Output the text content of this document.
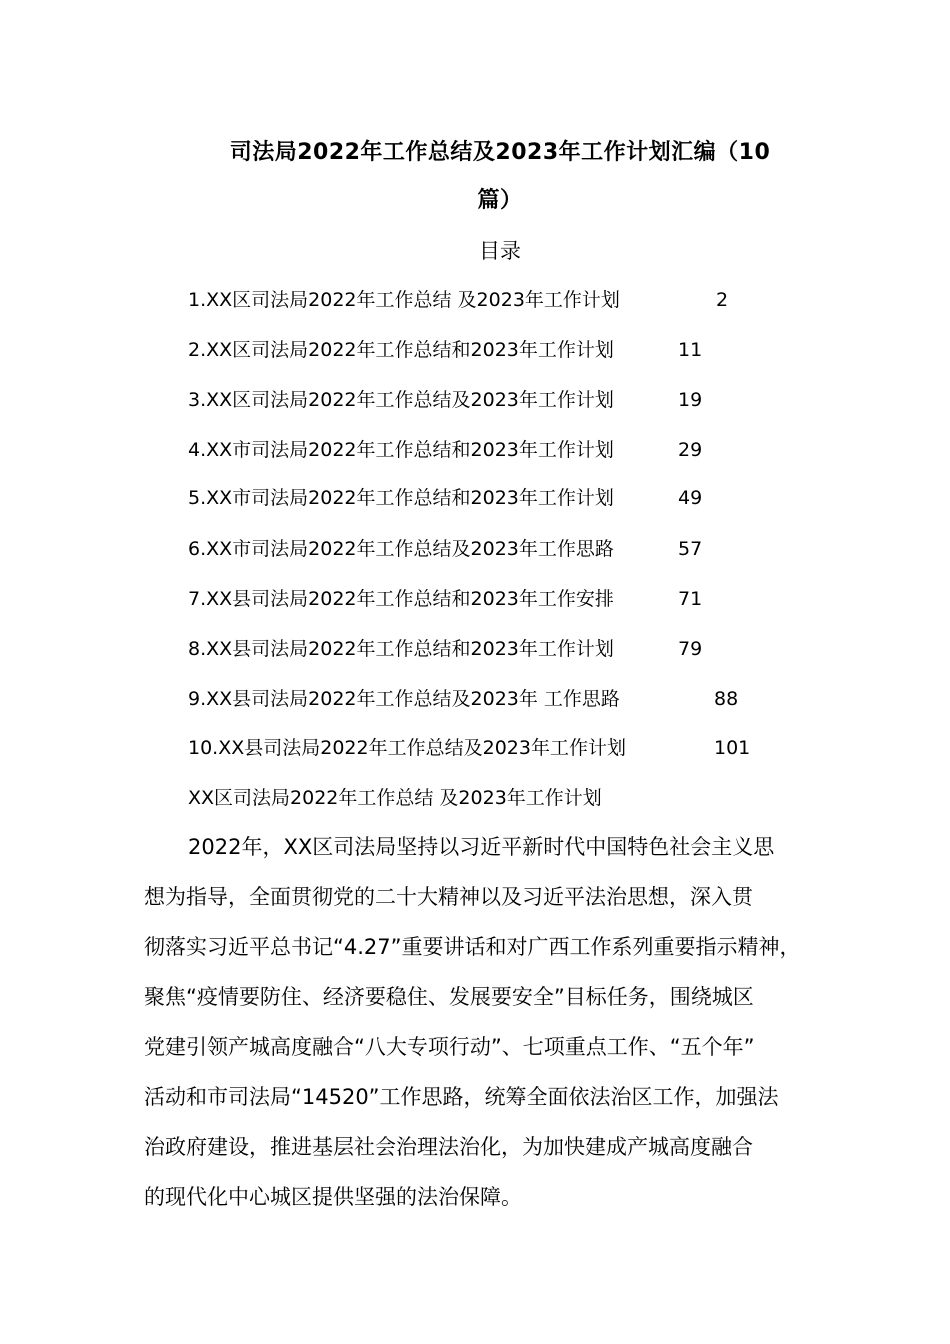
司法局2022年工作总结及2023年工作计划汇编（10
篇）
目录
1.XX区司法局2022年工作总结 及2023年工作计划	2
2.XX区司法局2022年工作总结和2023年工作计划	11
3.XX区司法局2022年工作总结及2023年工作计划	19
4.XX市司法局2022年工作总结和2023年工作计划	29
5.XX市司法局2022年工作总结和2023年工作计划	49
6.XX市司法局2022年工作总结及2023年工作思路	57
7.XX县司法局2022年工作总结和2023年工作安排	71
8.XX县司法局2022年工作总结和2023年工作计划	79
9.XX县司法局2022年工作总结及2023年 工作思路	88
10.XX县司法局2022年工作总结及2023年工作计划	101
XX区司法局2022年工作总结 及2023年工作计划
2022年，XX区司法局坚持以习近平新时代中国特色社会主义思
想为指导，全面贯彻党的二十大精神以及习近平法治思想，深入贯
彻落实习近平总书记“4.27”重要讲话和对广西工作系列重要指示精神，
聚焦“疫情要防住、经济要稳住、发展要安全”目标任务，围绕城区
党建引领产城高度融合“八大专项行动”、七项重点工作、“五个年”
活动和市司法局“14520”工作思路，统筹全面依法治区工作，加强法
治政府建设，推进基层社会治理法治化，为加快建成产城高度融合
的现代化中心城区提供坚强的法治保障。
